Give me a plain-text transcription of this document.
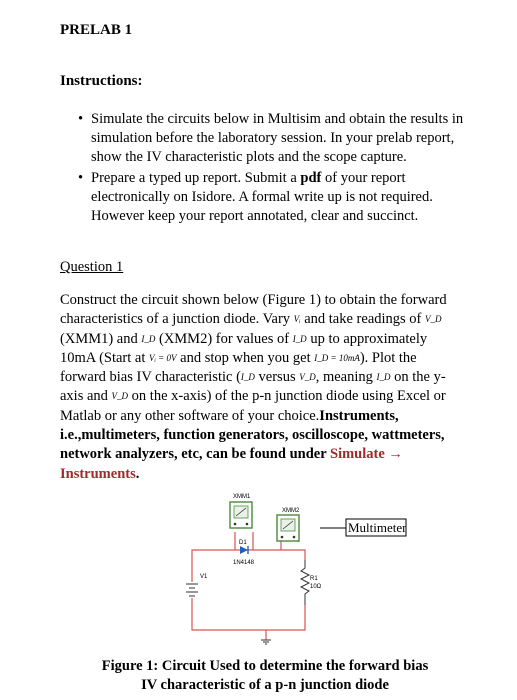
PRELAB 1
Instructions:
• Simulate the circuits below in Multisim and obtain the results in simulation before the laboratory session. In your prelab report, show the IV characteristic plots and the scope capture.
• Prepare a typed up report. Submit a pdf of your report electronically on Isidore. A formal write up is not required. However keep your report annotated, clear and succinct.
Question 1
Construct the circuit shown below (Figure 1) to obtain the forward characteristics of a junction diode. Vary Vᵢ and take readings of V_D (XMM1) and I_D (XMM2) for values of I_D up to approximately 10mA (Start at Vᵢ = 0V and stop when you get I_D = 10mA). Plot the forward bias IV characteristic (I_D versus V_D, meaning I_D on the y-axis and V_D on the x-axis) of the p-n junction diode using Excel or Matlab or any other software of your choice.Instruments, i.e.,multimeters, function generators, oscilloscope, wattmeters, network analyzers, etc, can be found under Simulate → Instruments.
XMM1
XMM2
Multimeter
D1
1N4148
V1	R1
10Ω
Figure 1: Circuit Used to determine the forward bias
IV characteristic of a p-n junction diode
